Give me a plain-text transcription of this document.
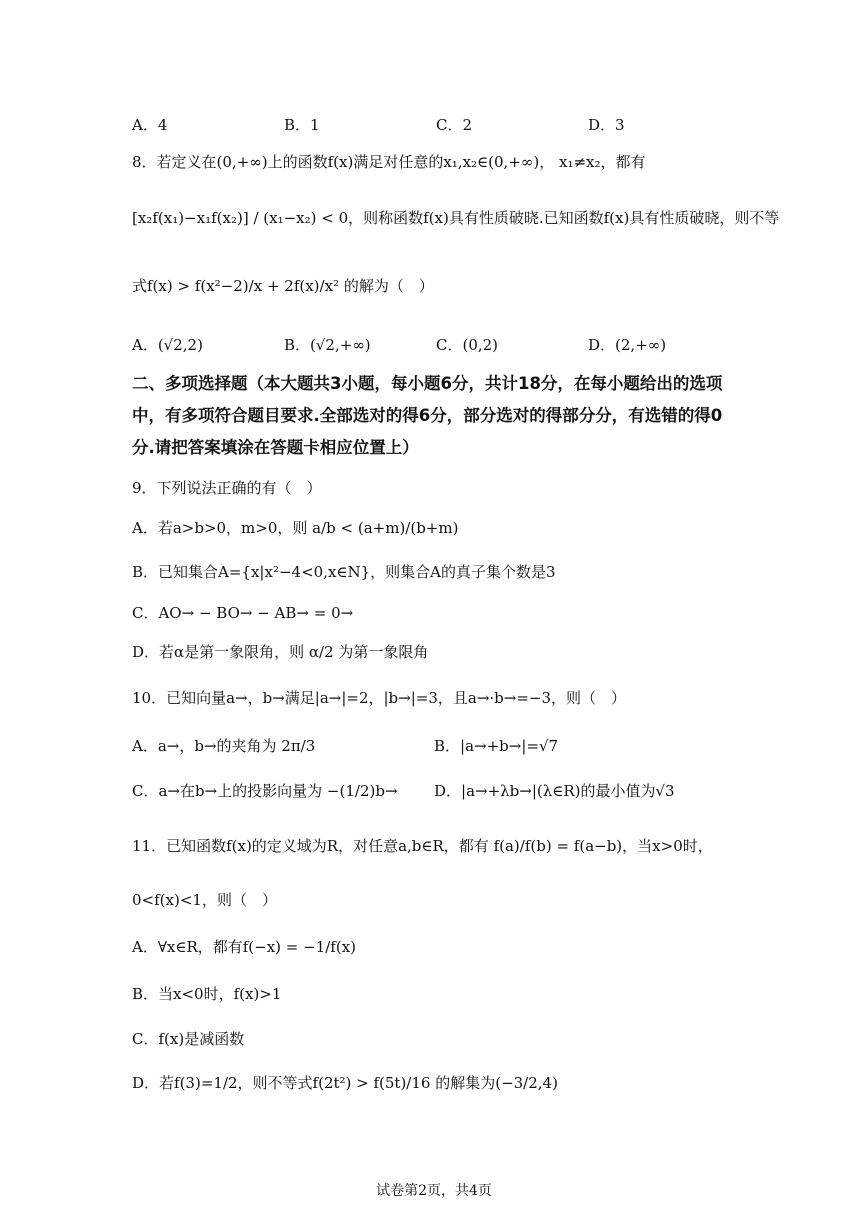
A．4	B．1	C．2	D．3
8．若定义在(0,+∞)上的函数f(x)满足对任意的x₁,x₂∈(0,+∞)， x₁≠x₂，都有
[x₂f(x₁)−x₁f(x₂)] / (x₁−x₂) < 0，则称函数f(x)具有性质破晓.已知函数f(x)具有性质破晓，则不等
式f(x) > f(x²−2)/x + 2f(x)/x² 的解为（　）
A．(√2,2)	B．(√2,+∞)	C．(0,2)	D．(2,+∞)
二、多项选择题（本大题共3小题，每小题6分，共计18分，在每小题给出的选项中，有多项符合题目要求.全部选对的得6分，部分选对的得部分分，有选错的得0分.请把答案填涂在答题卡相应位置上）
9．下列说法正确的有（　）
A．若a>b>0，m>0，则 a/b < (a+m)/(b+m)
B．已知集合A={x|x²−4<0,x∈N}，则集合A的真子集个数是3
C．AO→ − BO→ − AB→ = 0→
D．若α是第一象限角，则 α/2 为第一象限角
10．已知向量a→，b→满足|a→|=2，|b→|=3，且a→·b→=−3，则（　）
A．a→，b→的夹角为 2π/3	B．|a→+b→|=√7
C．a→在b→上的投影向量为 −(1/2)b→	D．|a→+λb→|(λ∈R)的最小值为√3
11．已知函数f(x)的定义域为R，对任意a,b∈R，都有 f(a)/f(b) = f(a−b)，当x>0时，
0<f(x)<1，则（　）
A．∀x∈R，都有f(−x) = −1/f(x)
B．当x<0时，f(x)>1
C．f(x)是减函数
D．若f(3)=1/2，则不等式f(2t²) > f(5t)/16 的解集为(−3/2,4)
试卷第2页，共4页
